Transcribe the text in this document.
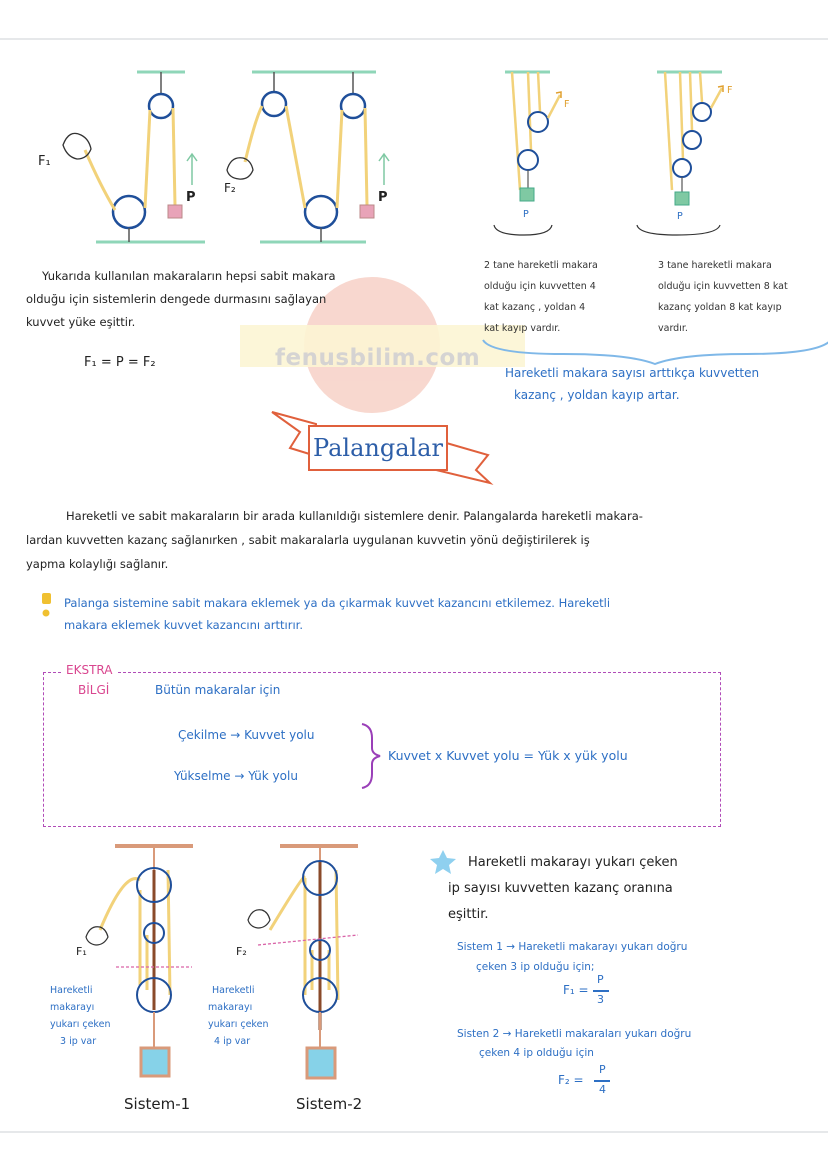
F₁
F₂
P	P
Yukarıda kullanılan makaraların hepsi sabit makara
olduğu için sistemlerin dengede durmasını sağlayan
kuvvet yüke eşittir.
F₁ = P = F₂
F
F
P	P
2 tane hareketli makara
olduğu için kuvvetten 4
kat kazanç , yoldan 4
kat kayıp vardır.
3 tane hareketli makara
olduğu için kuvvetten 8 kat
kazanç yoldan 8 kat kayıp
vardır.
Hareketli makara sayısı arttıkça kuvvetten
kazanç , yoldan kayıp artar.
fenusbilim.com
Palangalar
Hareketli ve sabit makaraların bir arada kullanıldığı sistemlere denir. Palangalarda hareketli makara-
lardan kuvvetten kazanç sağlanırken , sabit makaralarla uygulanan kuvvetin yönü değiştirilerek iş
yapma kolaylığı sağlanır.
Palanga sistemine sabit makara eklemek ya da çıkarmak kuvvet kazancını etkilemez. Hareketli
makara eklemek kuvvet kazancını arttırır.
EKSTRA
BİLGİ	Bütün makaralar için
Çekilme → Kuvvet yolu
Yükselme → Yük yolu
Kuvvet x Kuvvet yolu = Yük x yük yolu
F₁	F₂
Hareketli
makarayı
yukarı çeken
3 ip var
Hareketli
makarayı
yukarı çeken
4 ip var
Sistem-1	Sistem-2
Hareketli makarayı yukarı çeken
ip sayısı kuvvetten kazanç oranına
eşittir.
Sistem 1 → Hareketli makarayı yukarı doğru
çeken 3 ip olduğu için;
F₁ =
P
3
Sisten 2 → Hareketli makaraları yukarı doğru
çeken 4 ip olduğu için
F₂ =
P
4
